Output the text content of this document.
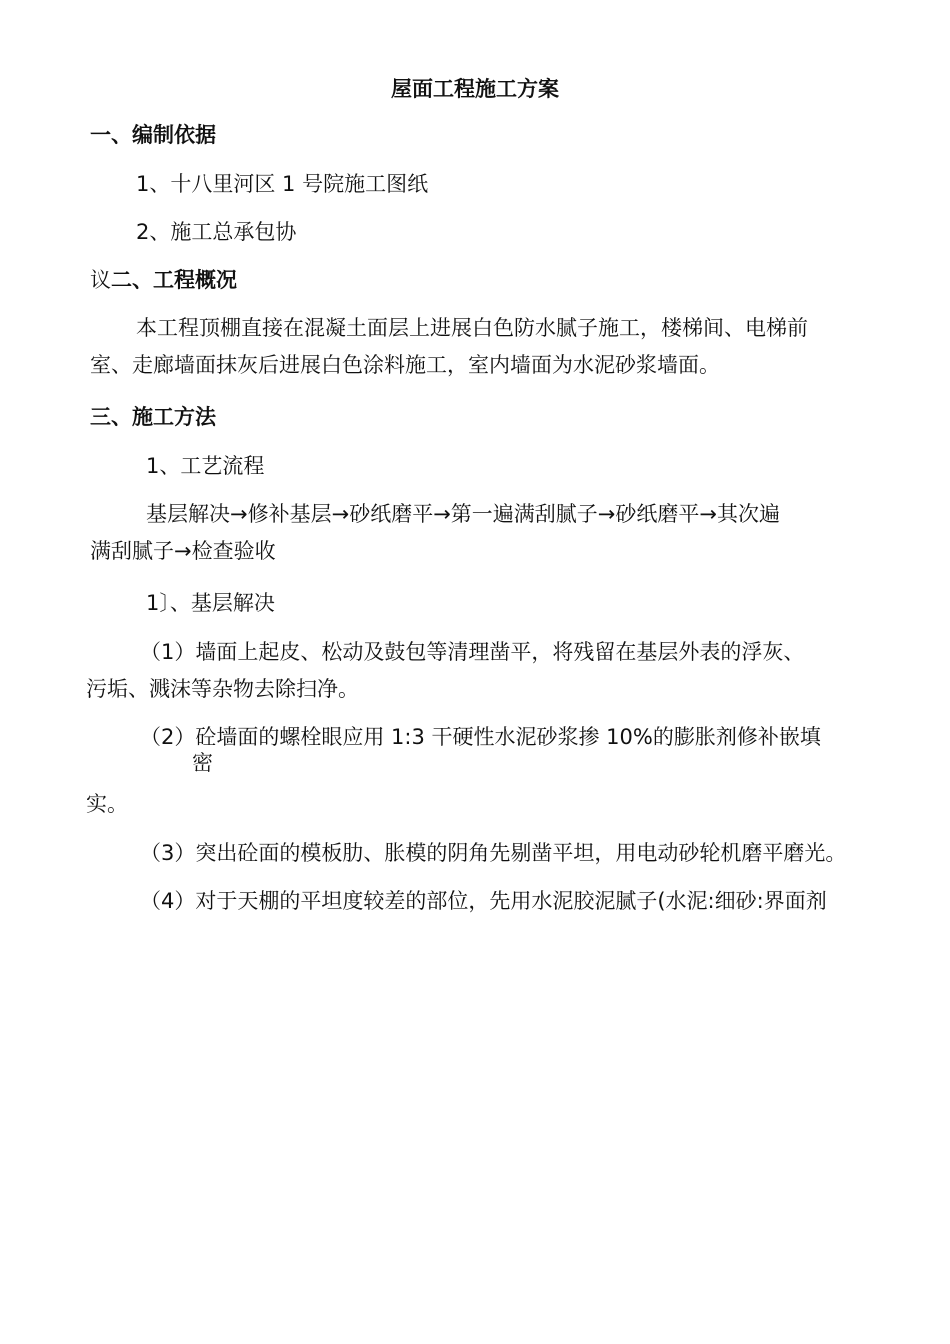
屋面工程施工方案
一、编制依据
1、十八里河区 1 号院施工图纸
2、施工总承包协
议二、工程概况
本工程顶棚直接在混凝土面层上进展白色防水腻子施工，楼梯间、电梯前
室、走廊墙面抹灰后进展白色涂料施工，室内墙面为水泥砂浆墙面。
三、施工方法
1、工艺流程
基层解决→修补基层→砂纸磨平→第一遍满刮腻子→砂纸磨平→其次遍
满刮腻子→检查验收
1〕、基层解决
（1）墙面上起皮、松动及鼓包等清理凿平，将残留在基层外表的浮灰、
污垢、溅沫等杂物去除扫净。
（2）砼墙面的螺栓眼应用 1:3 干硬性水泥砂浆掺 10%的膨胀剂修补嵌填
密
实。
（3）突出砼面的模板肋、胀模的阴角先剔凿平坦，用电动砂轮机磨平磨光。
（4）对于天棚的平坦度较差的部位，先用水泥胶泥腻子(水泥:细砂:界面剂
